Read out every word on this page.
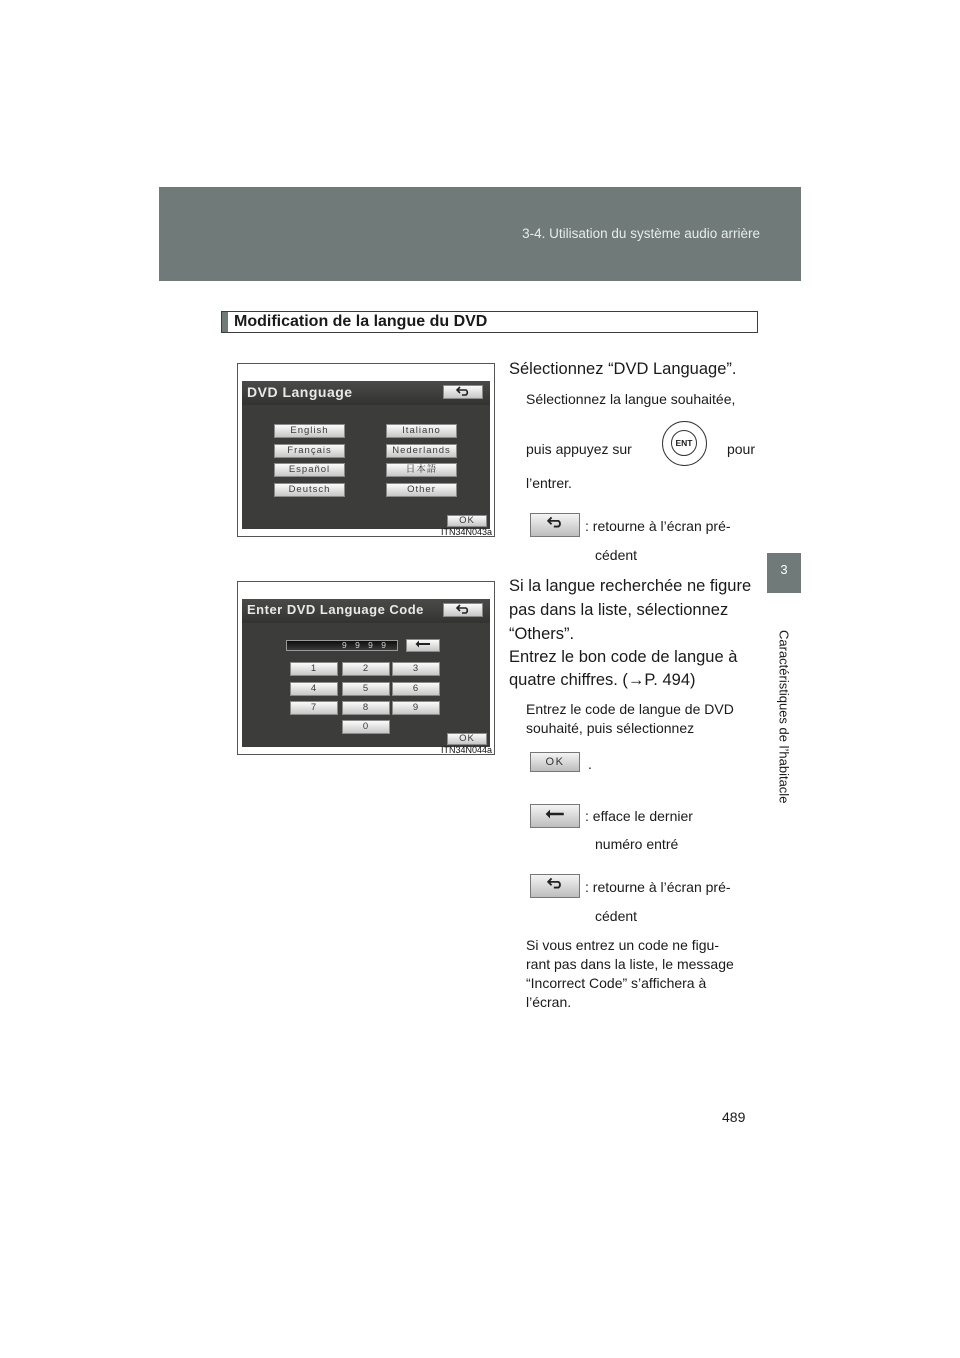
3-4. Utilisation du système audio arrière
3
Caractéristiques de l’habitacle
Modification de la langue du DVD
DVD Language
English
Français
Español
Deutsch
Italiano
Nederlands
日本語
Other
OK
ITN34N043a
Enter DVD Language Code
9 9 9 9
1	2	3
4	5	6
7	8	9
0
OK
ITN34N044a
Sélectionnez “DVD Language”.
Sélectionnez la langue souhaitée,
puis appuyez sur	pour
ENT
l’entrer.
: retourne à l’écran pré-
cédent
Si la langue recherchée ne figure
pas dans la liste, sélectionnez
“Others”.
Entrez le bon code de langue à
quatre chiffres. (→P. 494)
Entrez le code de langue de DVD
souhaité, puis sélectionnez
OK	.
: efface le dernier
numéro entré
: retourne à l’écran pré-
cédent
Si vous entrez un code ne figu-
rant pas dans la liste, le message
“Incorrect Code” s’affichera à
l’écran.
489
